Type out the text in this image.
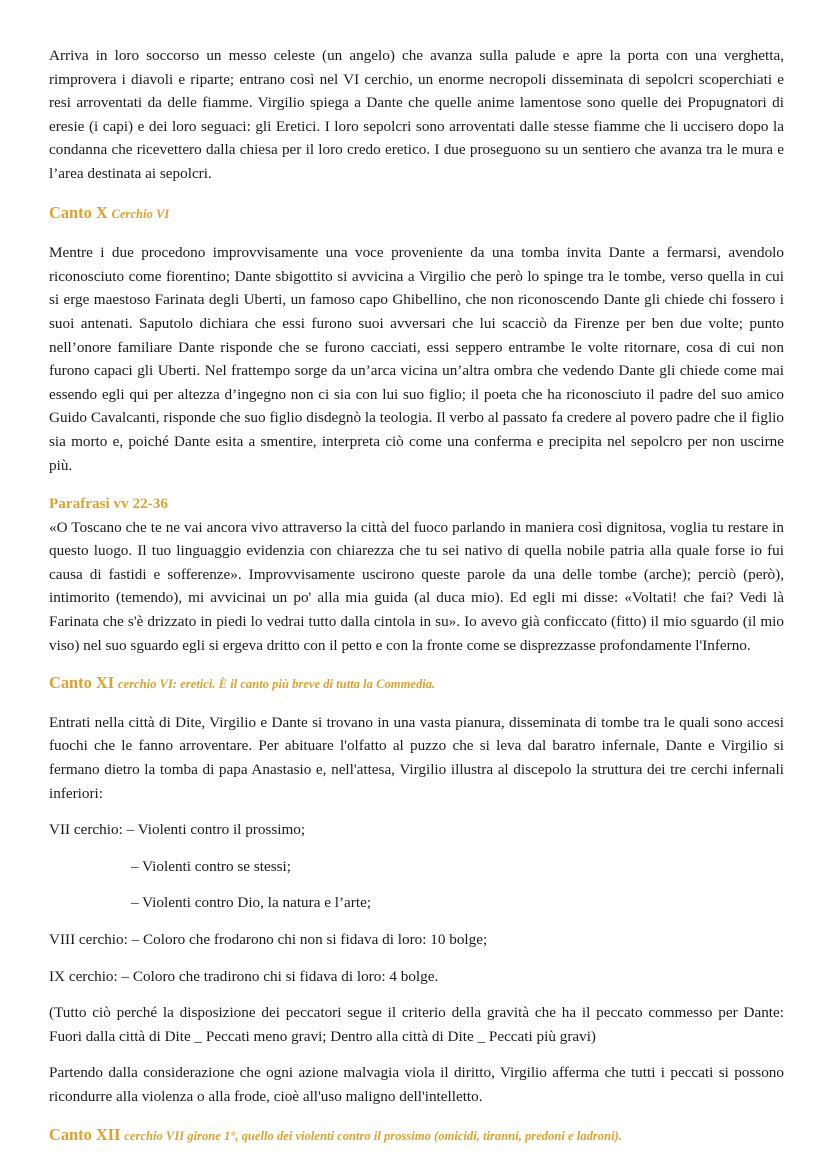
Arriva in loro soccorso un messo celeste (un angelo) che avanza sulla palude e apre la porta con una verghetta, rimprovera i diavoli e riparte; entrano così nel VI cerchio, un enorme necropoli disseminata di sepolcri scoperchiati e resi arroventati da delle fiamme. Virgilio spiega a Dante che quelle anime lamentose sono quelle dei Propugnatori di eresie (i capi) e dei loro seguaci: gli Eretici. I loro sepolcri sono arroventati dalle stesse fiamme che li uccisero dopo la condanna che ricevettero dalla chiesa per il loro credo eretico. I due proseguono su un sentiero che avanza tra le mura e l’area destinata ai sepolcri.

Canto X Cerchio VI

Mentre i due procedono improvvisamente una voce proveniente da una tomba invita Dante a fermarsi, avendolo riconosciuto come fiorentino; Dante sbigottito si avvicina a Virgilio che però lo spinge tra le tombe, verso quella in cui si erge maestoso Farinata degli Uberti, un famoso capo Ghibellino, che non riconoscendo Dante gli chiede chi fossero i suoi antenati. Saputolo dichiara che essi furono suoi avversari che lui scacciò da Firenze per ben due volte; punto nell’onore familiare Dante risponde che se furono cacciati, essi seppero entrambe le volte ritornare, cosa di cui non furono capaci gli Uberti. Nel frattempo sorge da un’arca vicina un’altra ombra che vedendo Dante gli chiede come mai essendo egli qui per altezza d’ingegno non ci sia con lui suo figlio; il poeta che ha riconosciuto il padre del suo amico Guido Cavalcanti, risponde che suo figlio disdegnò la teologia. Il verbo al passato fa credere al povero padre che il figlio sia morto e, poiché Dante esita a smentire, interpreta ciò come una conferma e precipita nel sepolcro per non uscirne più.

Parafrasi vv 22-36

«O Toscano che te ne vai ancora vivo attraverso la città del fuoco parlando in maniera così dignitosa, voglia tu restare in questo luogo. Il tuo linguaggio evidenzia con chiarezza che tu sei nativo di quella nobile patria alla quale forse io fui causa di fastidi e sofferenze». Improvvisamente uscirono queste parole da una delle tombe (arche); perciò (però), intimorito (temendo), mi avvicinai un po' alla mia guida (al duca mio). Ed egli mi disse: «Voltati! che fai? Vedi là Farinata che s'è drizzato in piedi lo vedrai tutto dalla cintola in su». Io avevo già conficcato (fitto) il mio sguardo (il mio viso) nel suo sguardo egli si ergeva dritto con il petto e con la fronte come se disprezzasse profondamente l'Inferno.

Canto XI cerchio VI: eretici. È il canto più breve di tutta la Commedia.

Entrati nella città di Dite, Virgilio e Dante si trovano in una vasta pianura, disseminata di tombe tra le quali sono accesi fuochi che le fanno arroventare. Per abituare l'olfatto al puzzo che si leva dal baratro infernale, Dante e Virgilio si fermano dietro la tomba di papa Anastasio e, nell'attesa, Virgilio illustra al discepolo la struttura dei tre cerchi infernali inferiori:

VII cerchio: – Violenti contro il prossimo;

– Violenti contro se stessi;

– Violenti contro Dio, la natura e l’arte;

VIII cerchio: – Coloro che frodarono chi non si fidava di loro: 10 bolge;

IX cerchio: – Coloro che tradirono chi si fidava di loro: 4 bolge.

(Tutto ciò perché la disposizione dei peccatori segue il criterio della gravità che ha il peccato commesso per Dante: Fuori dalla città di Dite _ Peccati meno gravi; Dentro alla città di Dite _ Peccati più gravi)

Partendo dalla considerazione che ogni azione malvagia viola il diritto, Virgilio afferma che tutti i peccati si possono ricondurre alla violenza o alla frode, cioè all'uso maligno dell'intelletto.

Canto XII cerchio VII girone 1°, quello dei violenti contro il prossimo (omicidi, tiranni, predoni e ladroni).
